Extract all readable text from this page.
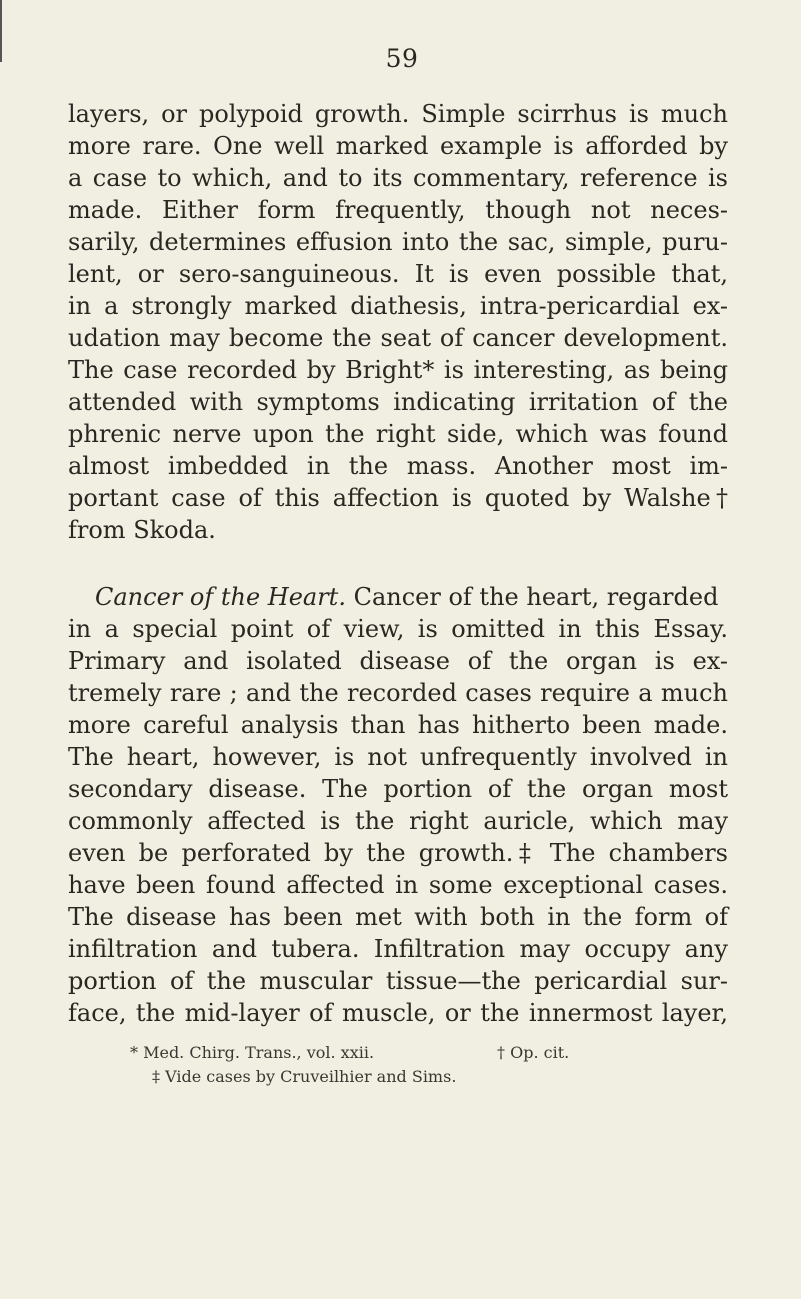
59
layers, or polypoid growth. Simple scirrhus is much
more rare. One well marked example is afforded by
a case to which, and to its commentary, reference is
made. Either form frequently, though not neces-
sarily, determines effusion into the sac, simple, puru-
lent, or sero-sanguineous. It is even possible that,
in a strongly marked diathesis, intra-pericardial ex-
udation may become the seat of cancer development.
The case recorded by Bright* is interesting, as being
attended with symptoms indicating irritation of the
phrenic nerve upon the right side, which was found
almost imbedded in the mass. Another most im-
portant case of this affection is quoted by Walshe†
from Skoda.
Cancer of the Heart. Cancer of the heart, regarded
in a special point of view, is omitted in this Essay.
Primary and isolated disease of the organ is ex-
tremely rare ; and the recorded cases require a much
more careful analysis than has hitherto been made.
The heart, however, is not unfrequently involved in
secondary disease. The portion of the organ most
commonly affected is the right auricle, which may
even be perforated by the growth.‡ The chambers
have been found affected in some exceptional cases.
The disease has been met with both in the form of
infiltration and tubera. Infiltration may occupy any
portion of the muscular tissue—the pericardial sur-
face, the mid-layer of muscle, or the innermost layer,
* Med. Chirg. Trans., vol. xxii.	† Op. cit.
‡ Vide cases by Cruveilhier and Sims.
